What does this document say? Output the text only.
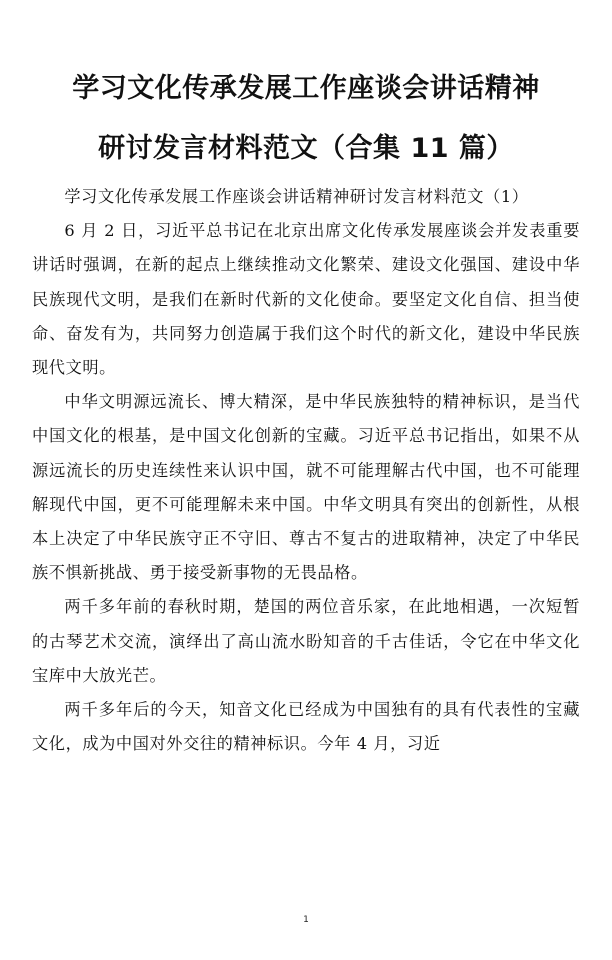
学习文化传承发展工作座谈会讲话精神
研讨发言材料范文（合集 11 篇）

学习文化传承发展工作座谈会讲话精神研讨发言材料范文（1）

6 月 2 日，习近平总书记在北京出席文化传承发展座谈会并发表重要讲话时强调，在新的起点上继续推动文化繁荣、建设文化强国、建设中华民族现代文明，是我们在新时代新的文化使命。要坚定文化自信、担当使命、奋发有为，共同努力创造属于我们这个时代的新文化，建设中华民族现代文明。

中华文明源远流长、博大精深，是中华民族独特的精神标识，是当代中国文化的根基，是中国文化创新的宝藏。习近平总书记指出，如果不从源远流长的历史连续性来认识中国，就不可能理解古代中国，也不可能理解现代中国，更不可能理解未来中国。中华文明具有突出的创新性，从根本上决定了中华民族守正不守旧、尊古不复古的进取精神，决定了中华民族不惧新挑战、勇于接受新事物的无畏品格。

两千多年前的春秋时期，楚国的两位音乐家，在此地相遇，一次短暂的古琴艺术交流，演绎出了高山流水盼知音的千古佳话，令它在中华文化宝库中大放光芒。

两千多年后的今天，知音文化已经成为中国独有的具有代表性的宝藏文化，成为中国对外交往的精神标识。今年 4 月，习近

1
